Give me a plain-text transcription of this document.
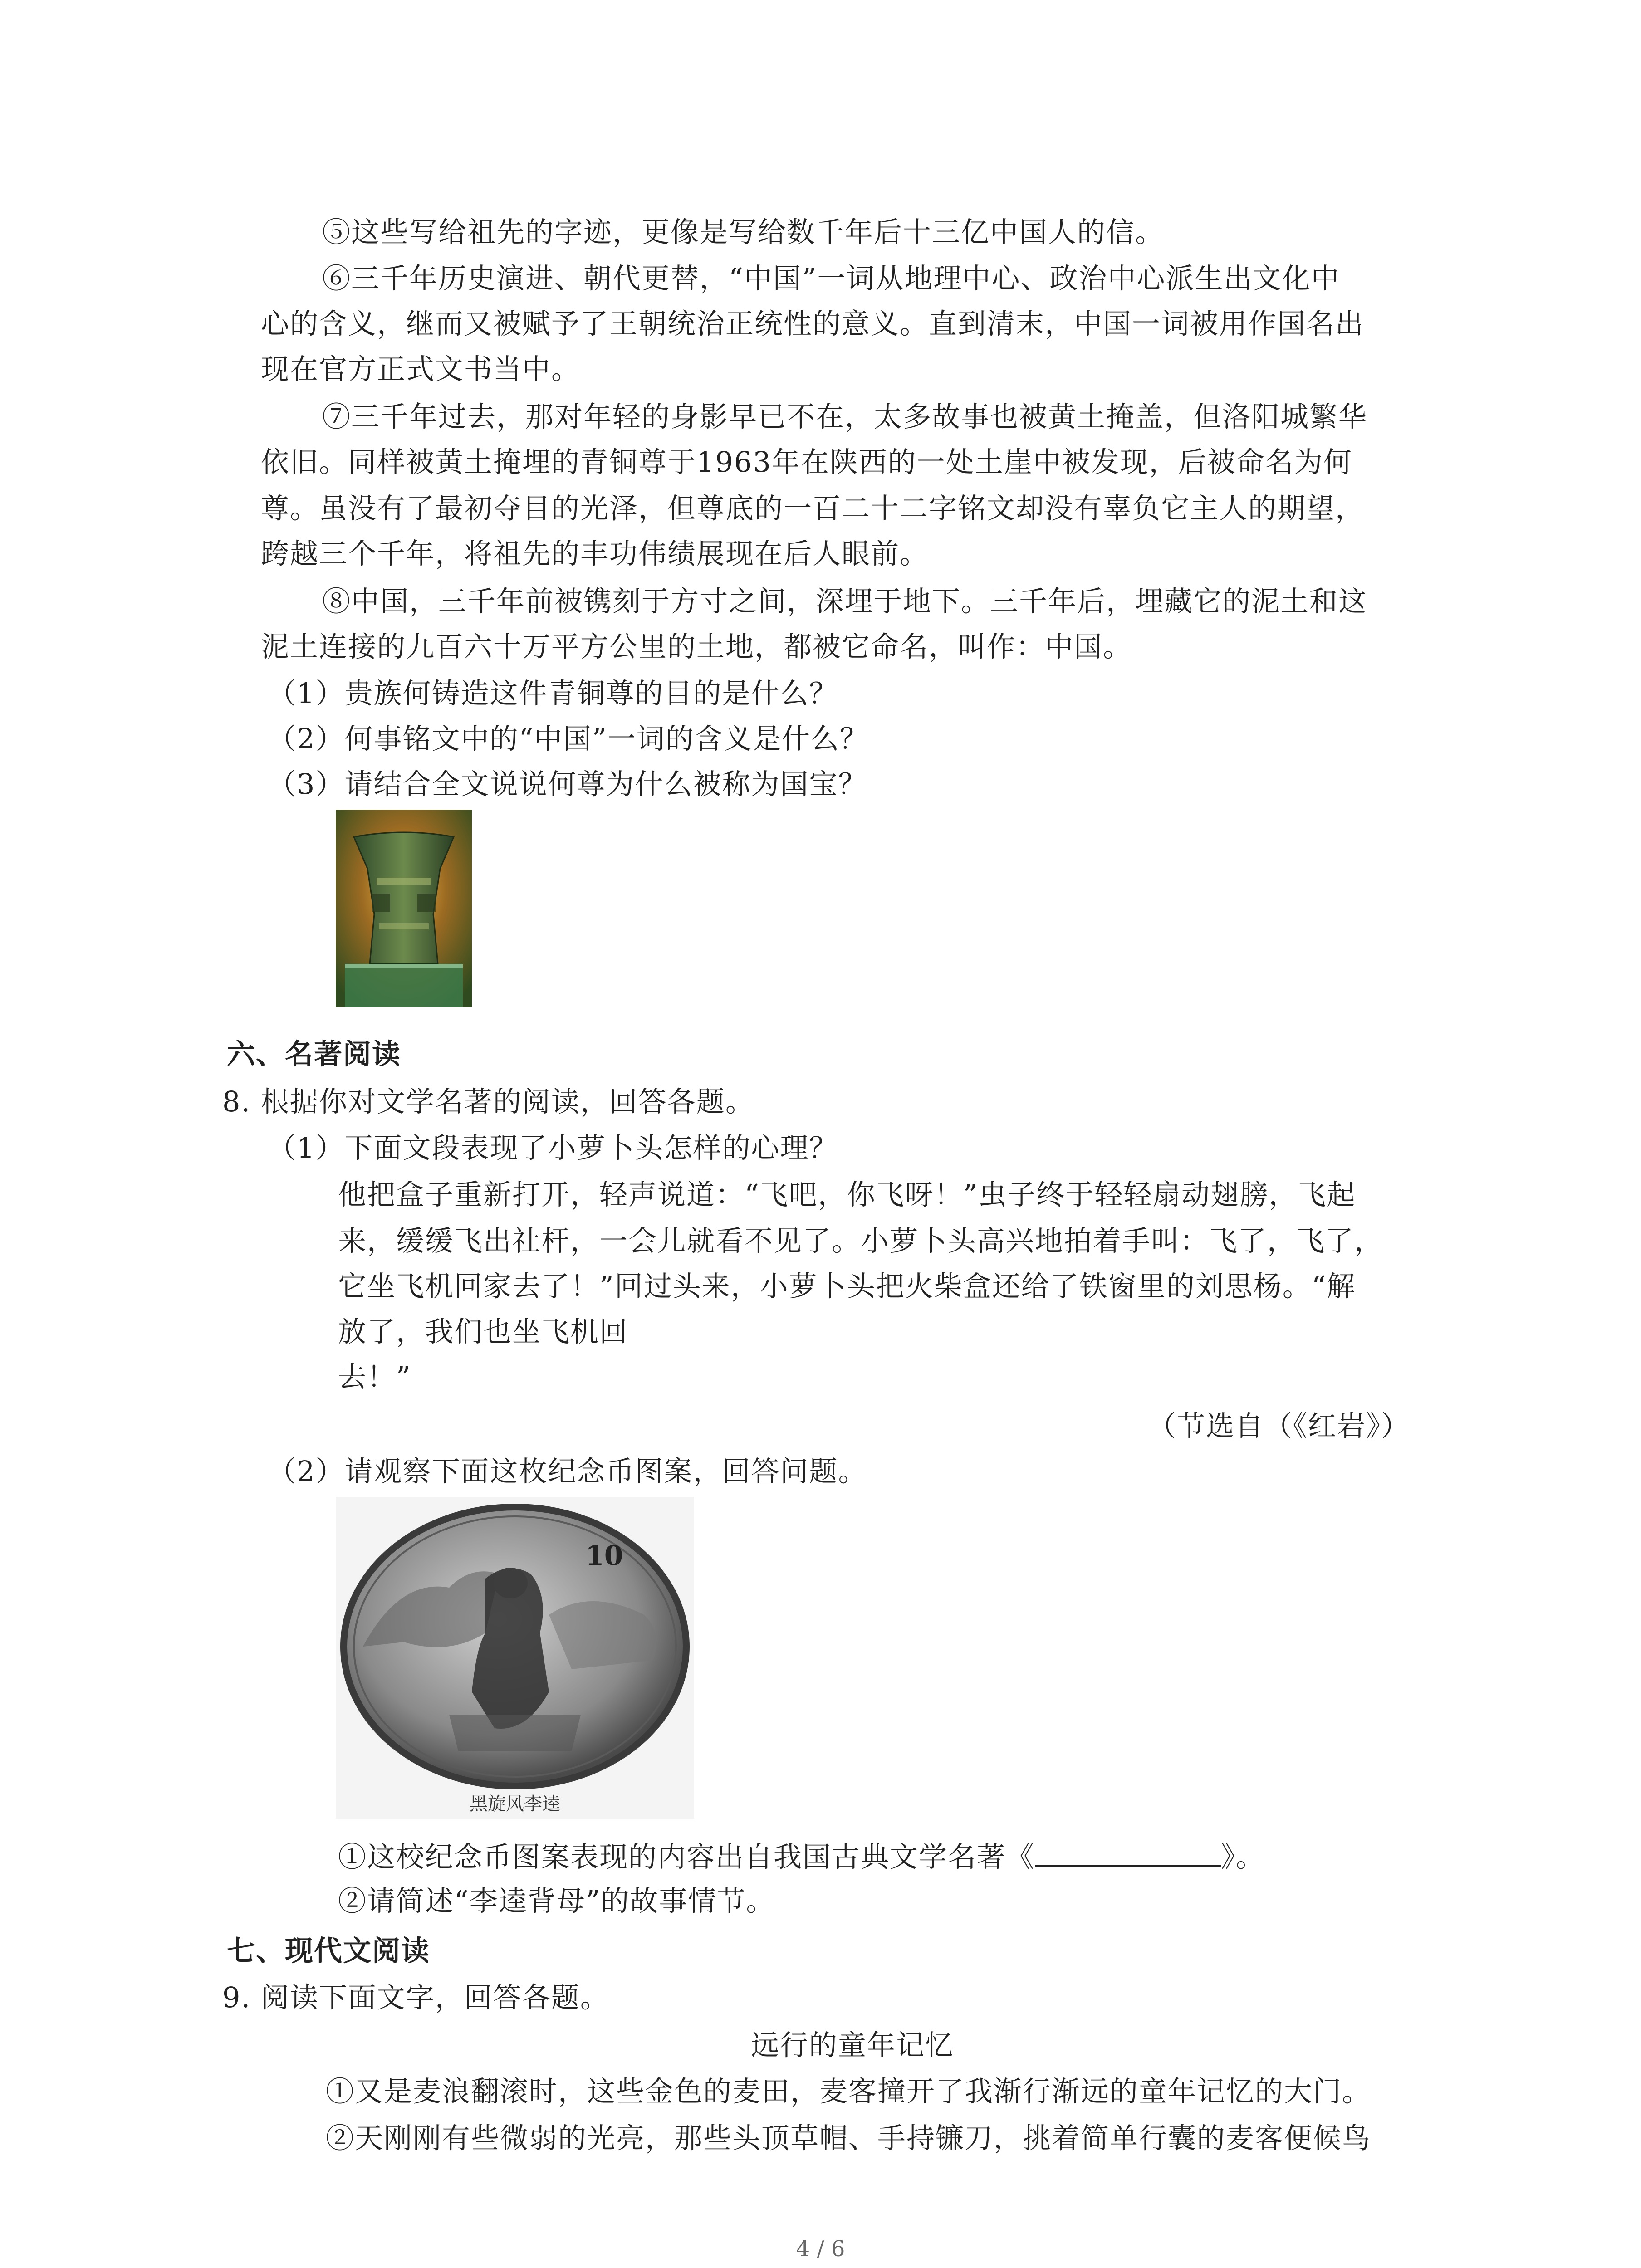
⑤这些写给祖先的字迹，更像是写给数千年后十三亿中国人的信。
⑥三千年历史演进、朝代更替，“中国”一词从地理中心、政治中心派生出文化中
心的含义，继而又被赋予了王朝统治正统性的意义。直到清末，中国一词被用作国名出
现在官方正式文书当中。
⑦三千年过去，那对年轻的身影早已不在，太多故事也被黄土掩盖，但洛阳城繁华
依旧。同样被黄土掩埋的青铜尊于1963年在陕西的一处土崖中被发现，后被命名为何
尊。虽没有了最初夺目的光泽，但尊底的一百二十二字铭文却没有辜负它主人的期望，
跨越三个千年，将祖先的丰功伟绩展现在后人眼前。
⑧中国，三千年前被镌刻于方寸之间，深埋于地下。三千年后，埋藏它的泥土和这
泥土连接的九百六十万平方公里的土地，都被它命名，叫作：中国。
（1）贵族何铸造这件青铜尊的目的是什么？
（2）何事铭文中的“中国”一词的含义是什么？
（3）请结合全文说说何尊为什么被称为国宝？
六、名著阅读
8. 根据你对文学名著的阅读，回答各题。
（1）下面文段表现了小萝卜头怎样的心理？
他把盒子重新打开，轻声说道：“飞吧，你飞呀！”虫子终于轻轻扇动翅膀，飞起
来，缓缓飞出社杆，一会儿就看不见了。小萝卜头高兴地拍着手叫：飞了，飞了，
它坐飞机回家去了！”回过头来，小萝卜头把火柴盒还给了铁窗里的刘思杨。“解
放了，我们也坐飞机回
去！”
（节选自（《红岩》）
（2）请观察下面这枚纪念币图案，回答问题。
10
黑旋风李逵
①这校纪念币图案表现的内容出自我国古典文学名著《	》。
②请简述“李逵背母”的故事情节。
七、现代文阅读
9. 阅读下面文字，回答各题。
远行的童年记忆
①又是麦浪翻滚时，这些金色的麦田，麦客撞开了我渐行渐远的童年记忆的大门。
②天刚刚有些微弱的光亮，那些头顶草帽、手持镰刀，挑着简单行囊的麦客便候鸟
4 / 6
